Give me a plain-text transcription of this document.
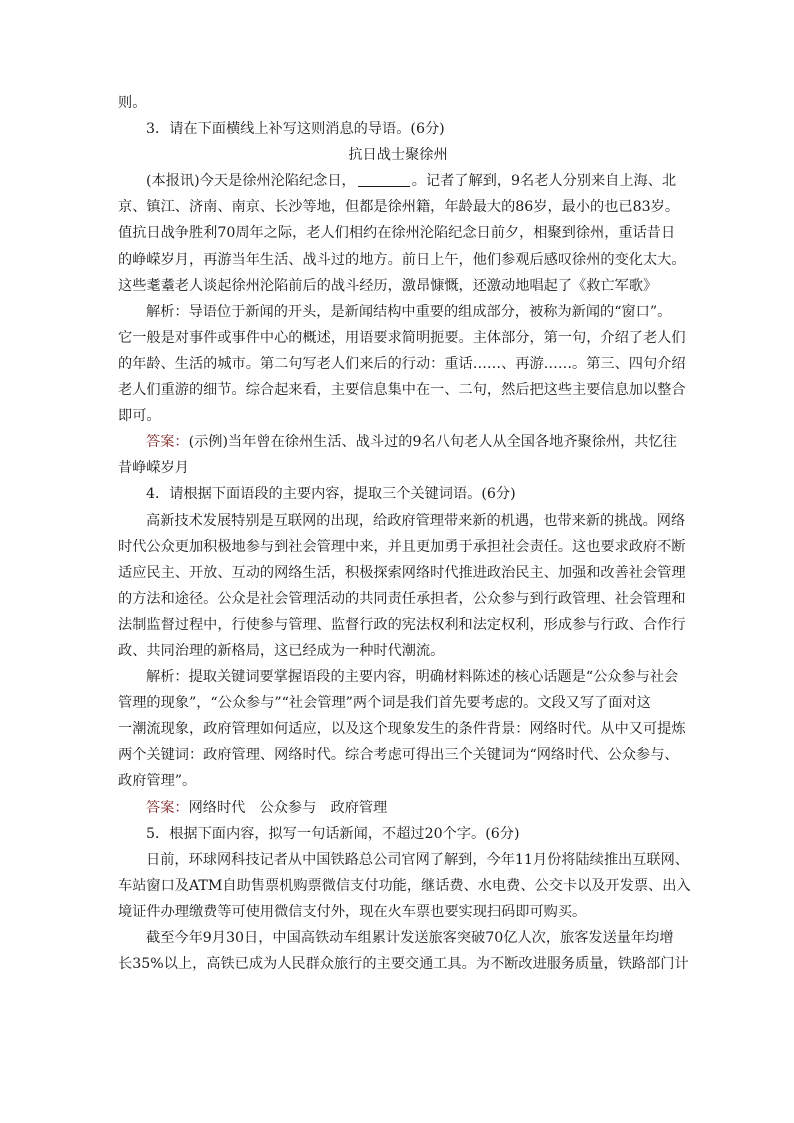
则。
3．请在下面横线上补写这则消息的导语。(6分)
抗日战士聚徐州
(本报讯)今天是徐州沦陷纪念日，	。记者了解到，9名老人分别来自上海、北
京、镇江、济南、南京、长沙等地，但都是徐州籍，年龄最大的86岁，最小的也已83岁。
值抗日战争胜利70周年之际，老人们相约在徐州沦陷纪念日前夕，相聚到徐州，重话昔日
的峥嵘岁月，再游当年生活、战斗过的地方。前日上午，他们参观后感叹徐州的变化太大。
这些耄耋老人谈起徐州沦陷前后的战斗经历，激昂慷慨，还激动地唱起了《救亡军歌》
解析：导语位于新闻的开头，是新闻结构中重要的组成部分，被称为新闻的“窗口”。
它一般是对事件或事件中心的概述，用语要求简明扼要。主体部分，第一句，介绍了老人们
的年龄、生活的城市。第二句写老人们来后的行动：重话……、再游……。第三、四句介绍
老人们重游的细节。综合起来看，主要信息集中在一、二句，然后把这些主要信息加以整合
即可。
答案：(示例)当年曾在徐州生活、战斗过的9名八旬老人从全国各地齐聚徐州，共忆往
昔峥嵘岁月
4．请根据下面语段的主要内容，提取三个关键词语。(6分)
高新技术发展特别是互联网的出现，给政府管理带来新的机遇，也带来新的挑战。网络
时代公众更加积极地参与到社会管理中来，并且更加勇于承担社会责任。这也要求政府不断
适应民主、开放、互动的网络生活，积极探索网络时代推进政治民主、加强和改善社会管理
的方法和途径。公众是社会管理活动的共同责任承担者，公众参与到行政管理、社会管理和
法制监督过程中，行使参与管理、监督行政的宪法权利和法定权利，形成参与行政、合作行
政、共同治理的新格局，这已经成为一种时代潮流。
解析：提取关键词要掌握语段的主要内容，明确材料陈述的核心话题是“公众参与社会
管理的现象”，“公众参与”“社会管理”两个词是我们首先要考虑的。文段又写了面对这
一潮流现象，政府管理如何适应，以及这个现象发生的条件背景：网络时代。从中又可提炼
两个关键词：政府管理、网络时代。综合考虑可得出三个关键词为“网络时代、公众参与、
政府管理”。
答案：网络时代　公众参与　政府管理
5．根据下面内容，拟写一句话新闻，不超过20个字。(6分)
日前，环球网科技记者从中国铁路总公司官网了解到，今年11月份将陆续推出互联网、
车站窗口及ATM自助售票机购票微信支付功能，继话费、水电费、公交卡以及开发票、出入
境证件办理缴费等可使用微信支付外，现在火车票也要实现扫码即可购买。
截至今年9月30日，中国高铁动车组累计发送旅客突破70亿人次，旅客发送量年均增
长35%以上，高铁已成为人民群众旅行的主要交通工具。为不断改进服务质量，铁路部门计
